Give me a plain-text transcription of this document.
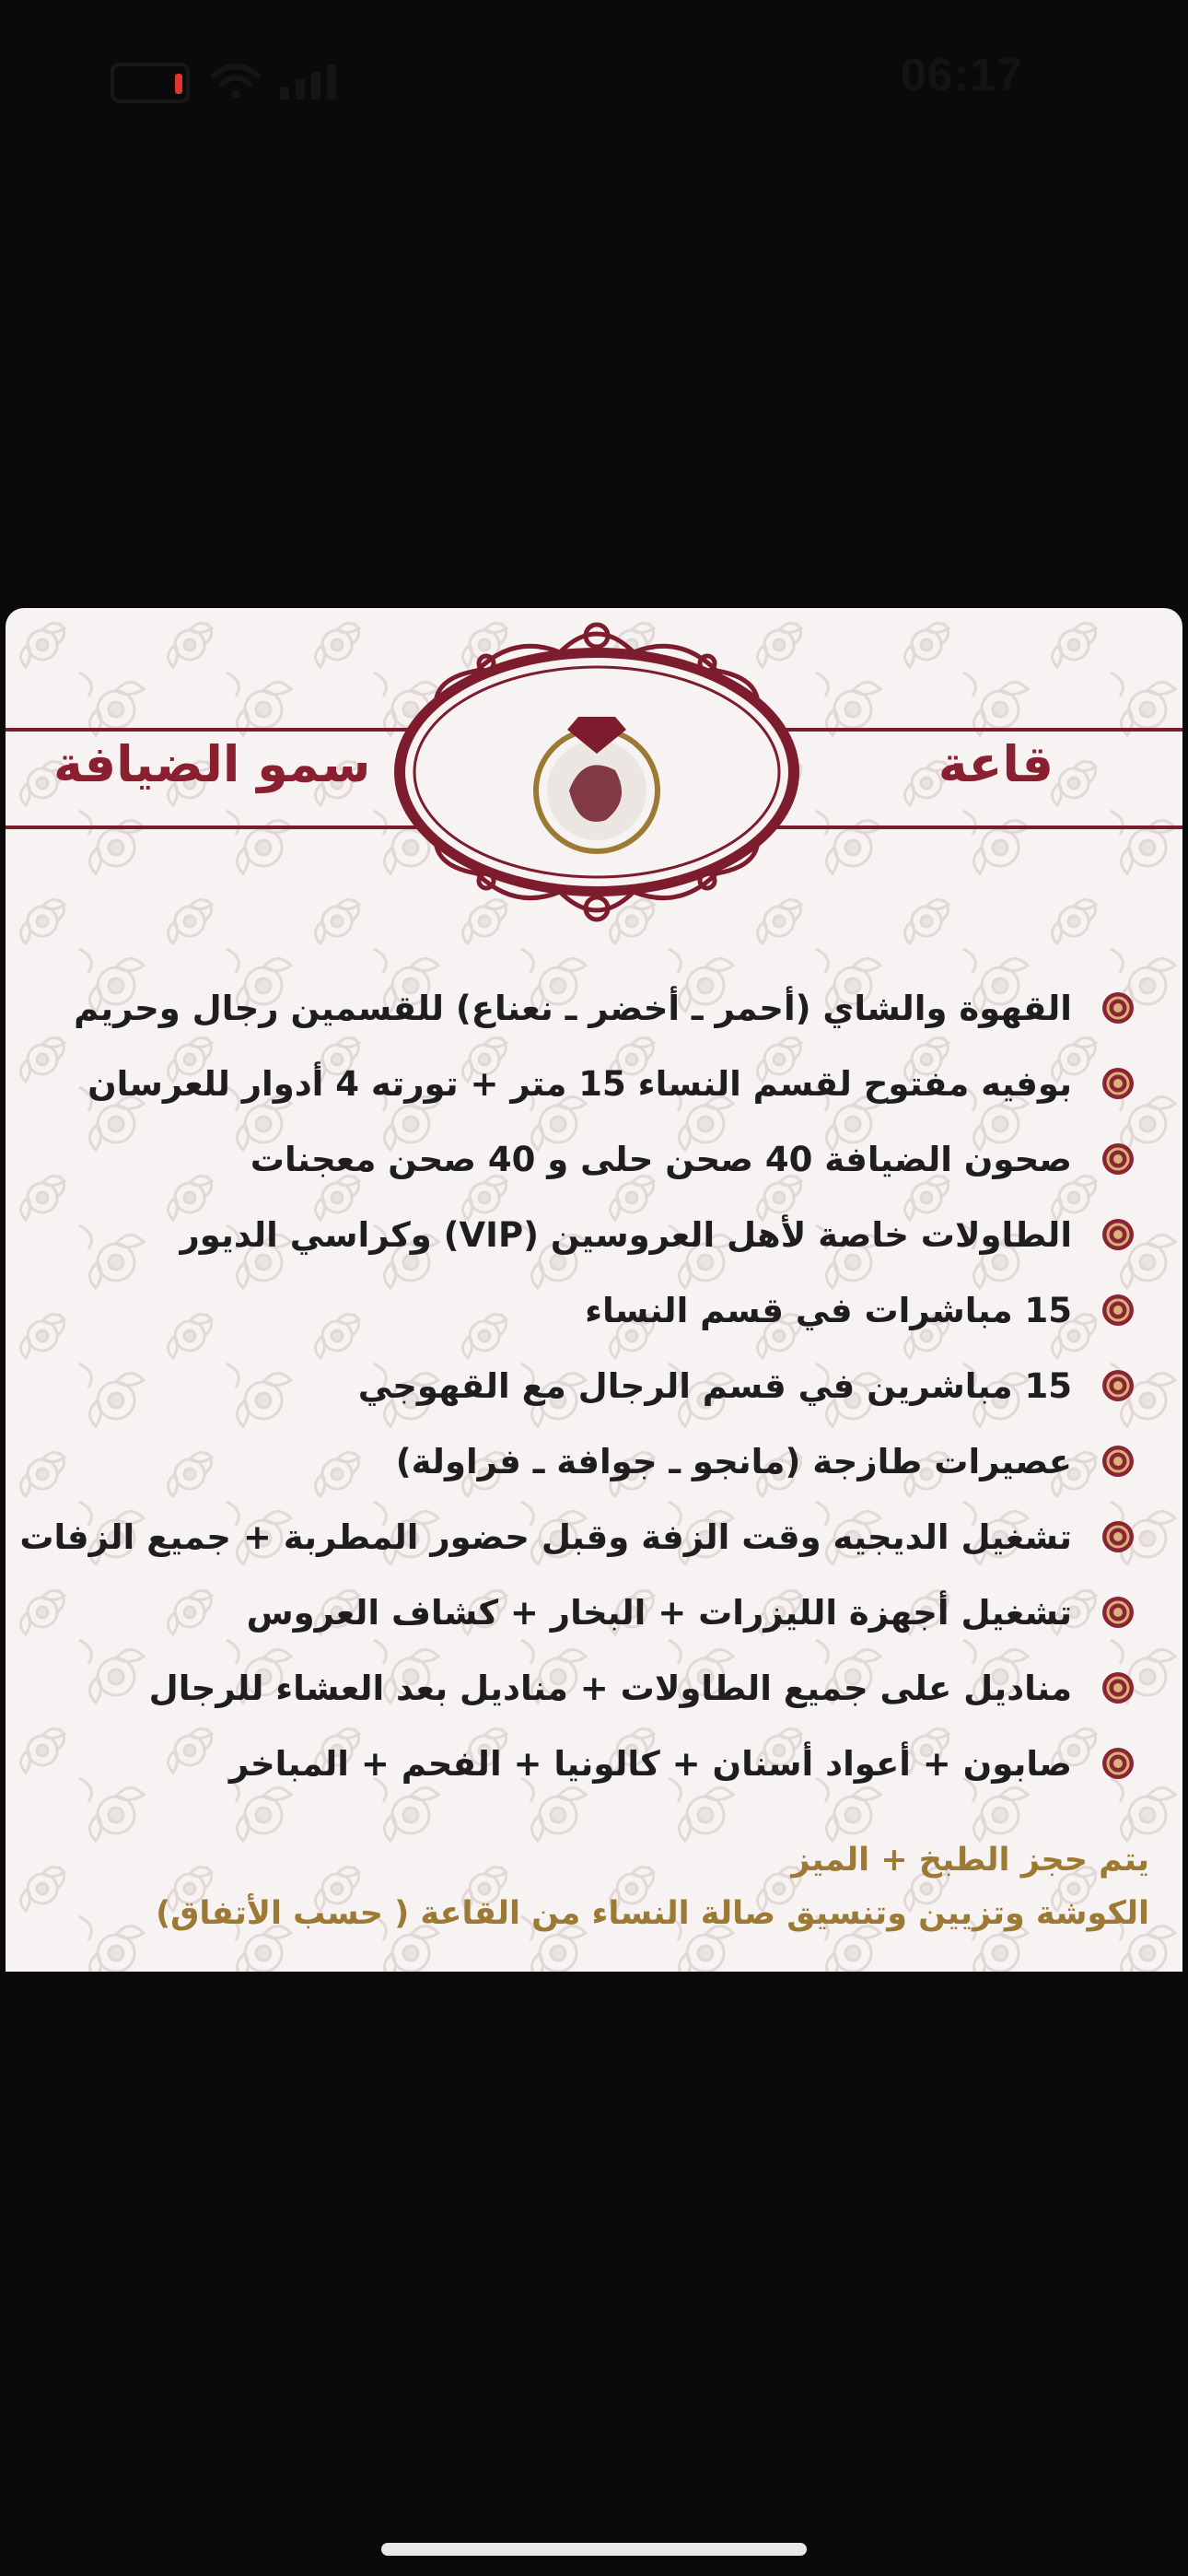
06:17
قاعة
سمو الضيافة
القهوة والشاي (أحمر ـ أخضر ـ نعناع) للقسمين رجال وحريم
بوفيه مفتوح لقسم النساء 15 متر + تورته 4 أدوار للعرسان
صحون الضيافة 40 صحن حلى و 40 صحن معجنات
الطاولات خاصة لأهل العروسين (VIP) وكراسي الديور
15 مباشرات في قسم النساء
15 مباشرين في قسم الرجال مع القهوجي
عصيرات طازجة (مانجو ـ جوافة ـ فراولة)
تشغيل الديجيه وقت الزفة وقبل حضور المطربة + جميع الزفات
تشغيل أجهزة الليزرات + البخار + كشاف العروس
مناديل على جميع الطاولات + مناديل بعد العشاء للرجال
صابون + أعواد أسنان + كالونيا + الفحم + المباخر
يتم حجز الطبخ + الميز
الكوشة وتزيين وتنسيق صالة النساء من القاعة ( حسب الأتفاق)
